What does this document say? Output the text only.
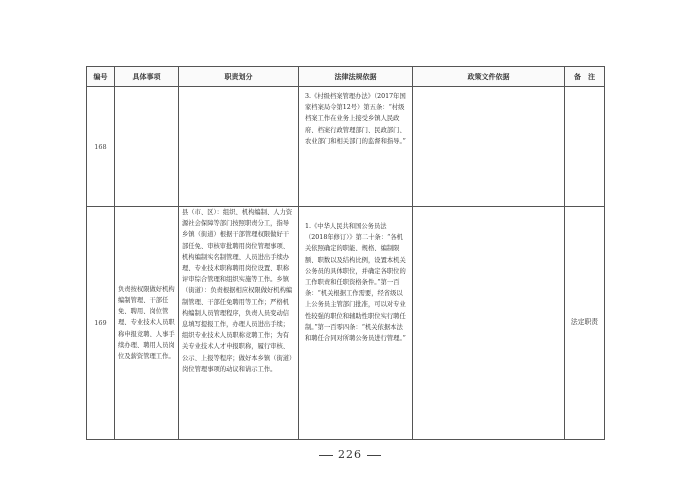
编号	具体事项	职责划分	法律法规依据	政策文件依据	备　注
168			3.《村级档案管理办法》（2017年国家档案局令第12号）第五条：“村级档案工作在业务上接受乡镇人民政府、档案行政管理部门、民政部门、农业部门和相关部门的监督和指导。”		

169	负责按权限做好机构编制管理、干部任免、聘用、岗位管理、专业技术人员职称申报竞聘、人事手续办理、聘用人员岗位及薪资管理工作。	县（市、区）：组织、机构编制、人力资源社会保障等部门按照职责分工，指导乡镇（街道）根据干部管理权限做好干部任免、审核审批聘用岗位管理事项、机构编制实名制管理、人员进出手续办理、专业技术职称聘用岗位设置、职称评审综合管理和组织实施等工作。乡镇（街道）：负责根据相应权限做好机构编制管理、干部任免聘用等工作；严格机构编制人员管理程序，负责人员变动信息填写提报工作，办理人员进出手续；组织专业技术人员职称竞聘工作；为有关专业技术人才申报职称，履行审核、公示、上报等程序；做好本乡镇（街道）岗位管理事项的动议和请示工作。	1.《中华人民共和国公务员法（2018年修订）》第二十条：“各机关依照确定的职能、规格、编制限额、职数以及结构比例，设置本机关公务员的具体职位，并确定各职位的工作职责和任职资格条件。”第一百条：“机关根据工作需要，经省级以上公务员主管部门批准，可以对专业性较强的职位和辅助性职位实行聘任制。”第一百零四条：“机关依据本法和聘任合同对所聘公务员进行管理。”		法定职责
226
